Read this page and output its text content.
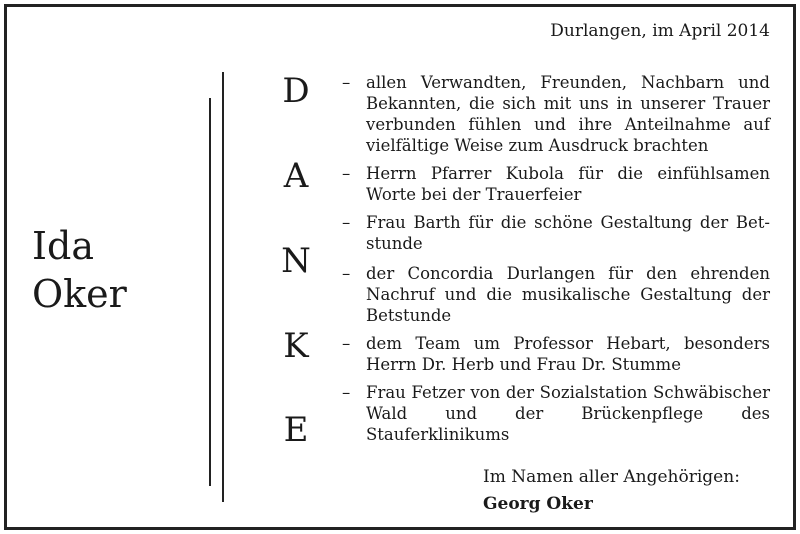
Durlangen, im April 2014
Ida
Oker
D
A
N
K
E
– allen Verwandten, Freunden, Nachbarn und Bekannten, die sich mit uns in unserer Trauer verbunden fühlen und ihre Anteilnahme auf vielfältige Weise zum Ausdruck brachten
– Herrn Pfarrer Kubola für die einfühlsamen Worte bei der Trauerfeier
– Frau Barth für die schöne Gestaltung der Betstunde
– der Concordia Durlangen für den ehrenden Nachruf und die musikalische Gestaltung der Betstunde
– dem Team um Professor Hebart, besonders Herrn Dr. Herb und Frau Dr. Stumme
– Frau Fetzer von der Sozialstation Schwäbischer Wald und der Brückenpflege des Stauferklinikums
Im Namen aller Angehörigen:
Georg Oker
